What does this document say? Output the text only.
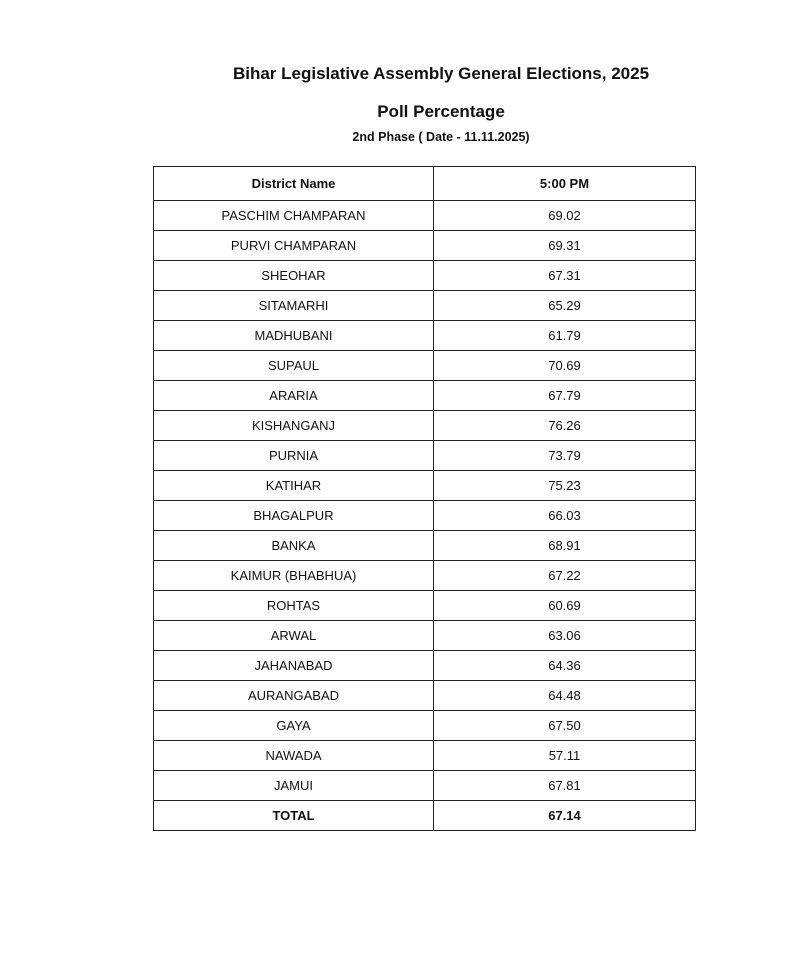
Bihar Legislative Assembly General Elections, 2025
Poll Percentage
2nd Phase ( Date - 11.11.2025)
District Name	5:00 PM
PASCHIM CHAMPARAN	69.02
PURVI CHAMPARAN	69.31
SHEOHAR	67.31
SITAMARHI	65.29
MADHUBANI	61.79
SUPAUL	70.69
ARARIA	67.79
KISHANGANJ	76.26
PURNIA	73.79
KATIHAR	75.23
BHAGALPUR	66.03
BANKA	68.91
KAIMUR (BHABHUA)	67.22
ROHTAS	60.69
ARWAL	63.06
JAHANABAD	64.36
AURANGABAD	64.48
GAYA	67.50
NAWADA	57.11
JAMUI	67.81
TOTAL	67.14
